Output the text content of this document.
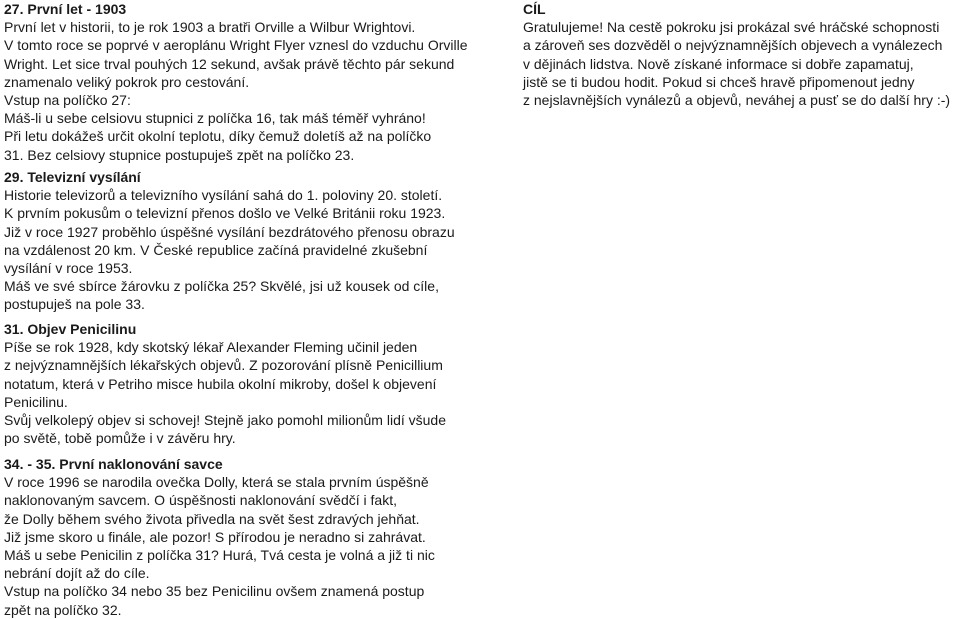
27. První let - 1903
První let v historii, to je rok 1903 a bratři Orville a Wilbur Wrightovi.
V tomto roce se poprvé v aeroplánu Wright Flyer vznesl do vzduchu Orville
Wright. Let sice trval pouhých 12 sekund, avšak právě těchto pár sekund
znamenalo veliký pokrok pro cestování.
Vstup na políčko 27:
Máš-li u sebe celsiovu stupnici z políčka 16, tak máš téměř vyhráno!
Při letu dokážeš určit okolní teplotu, díky čemuž doletíš až na políčko
31. Bez celsiovy stupnice postupuješ zpět na políčko 23.
29. Televizní vysílání
Historie televizorů a televizního vysílání sahá do 1. poloviny 20. století.
K prvním pokusům o televizní přenos došlo ve Velké Británii roku 1923.
Již v roce 1927 proběhlo úspěšné vysílání bezdrátového přenosu obrazu
na vzdálenost 20 km. V České republice začíná pravidelné zkušební
vysílání v roce 1953.
Máš ve své sbírce žárovku z políčka 25? Skvělé, jsi už kousek od cíle,
postupuješ na pole 33.
31. Objev Penicilinu
Píše se rok 1928, kdy skotský lékař Alexander Fleming učinil jeden
z nejvýznamnějších lékařských objevů. Z pozorování plísně Penicillium
notatum, která v Petriho misce hubila okolní mikroby, došel k objevení
Penicilinu.
Svůj velkolepý objev si schovej! Stejně jako pomohl milionům lidí všude
po světě, tobě pomůže i v závěru hry.
34. - 35. První naklonování savce
V roce 1996 se narodila ovečka Dolly, která se stala prvním úspěšně
naklonovaným savcem. O úspěšnosti naklonování svědčí i fakt,
že Dolly během svého života přivedla na svět šest zdravých jehňat.
Již jsme skoro u finále, ale pozor! S přírodou je neradno si zahrávat.
Máš u sebe Penicilin z políčka 31? Hurá, Tvá cesta je volná a již ti nic
nebrání dojít až do cíle.
Vstup na políčko 34 nebo 35 bez Penicilinu ovšem znamená postup
zpět na políčko 32.
CÍL
Gratulujeme! Na cestě pokroku jsi prokázal své hráčské schopnosti
a zároveň ses dozvěděl o nejvýznamnějších objevech a vynálezech
v dějinách lidstva. Nově získané informace si dobře zapamatuj,
jistě se ti budou hodit. Pokud si chceš hravě připomenout jedny
z nejslavnějších vynálezů a objevů, neváhej a pusť se do další hry :-)
